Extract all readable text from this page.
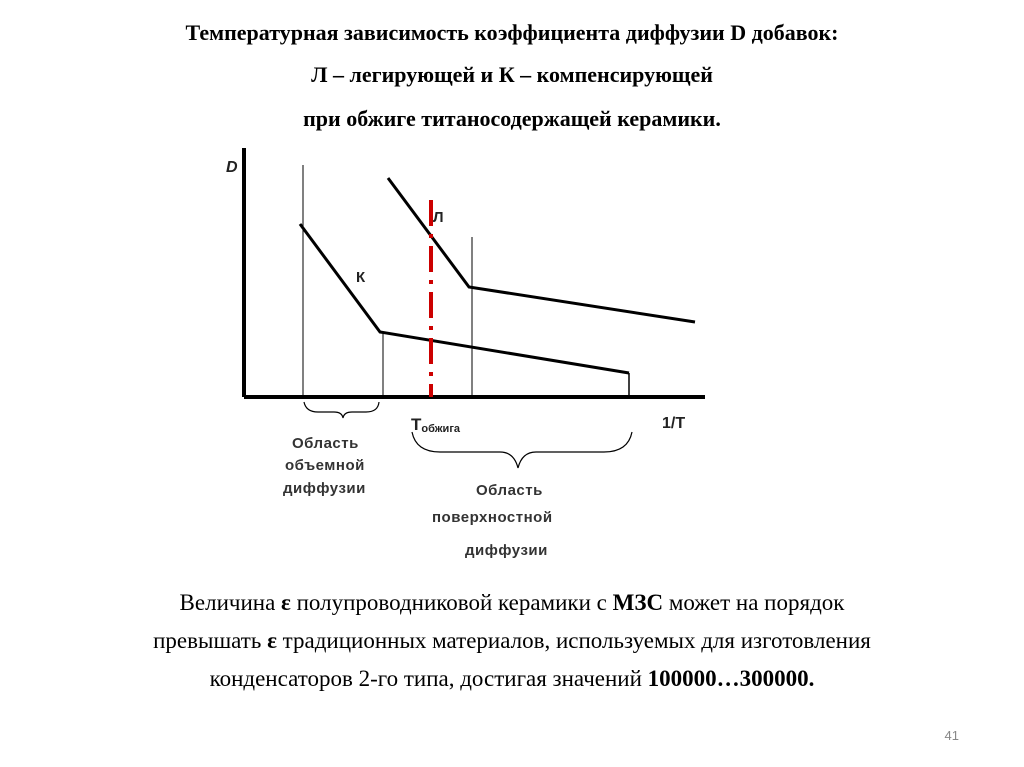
Температурная зависимость коэффициента диффузии D добавок:
Л – легирующей и К – компенсирующей
при обжиге титаносодержащей керамики.
D
1/T
К
Л
Тобжига
Область
объемной
диффузии	Область
поверхностной
диффузии
Величина ε полупроводниковой керамики с МЗС может на порядок
превышать ε традиционных материалов, используемых для изготовления
конденсаторов 2-го типа, достигая значений 100000…300000.
41
